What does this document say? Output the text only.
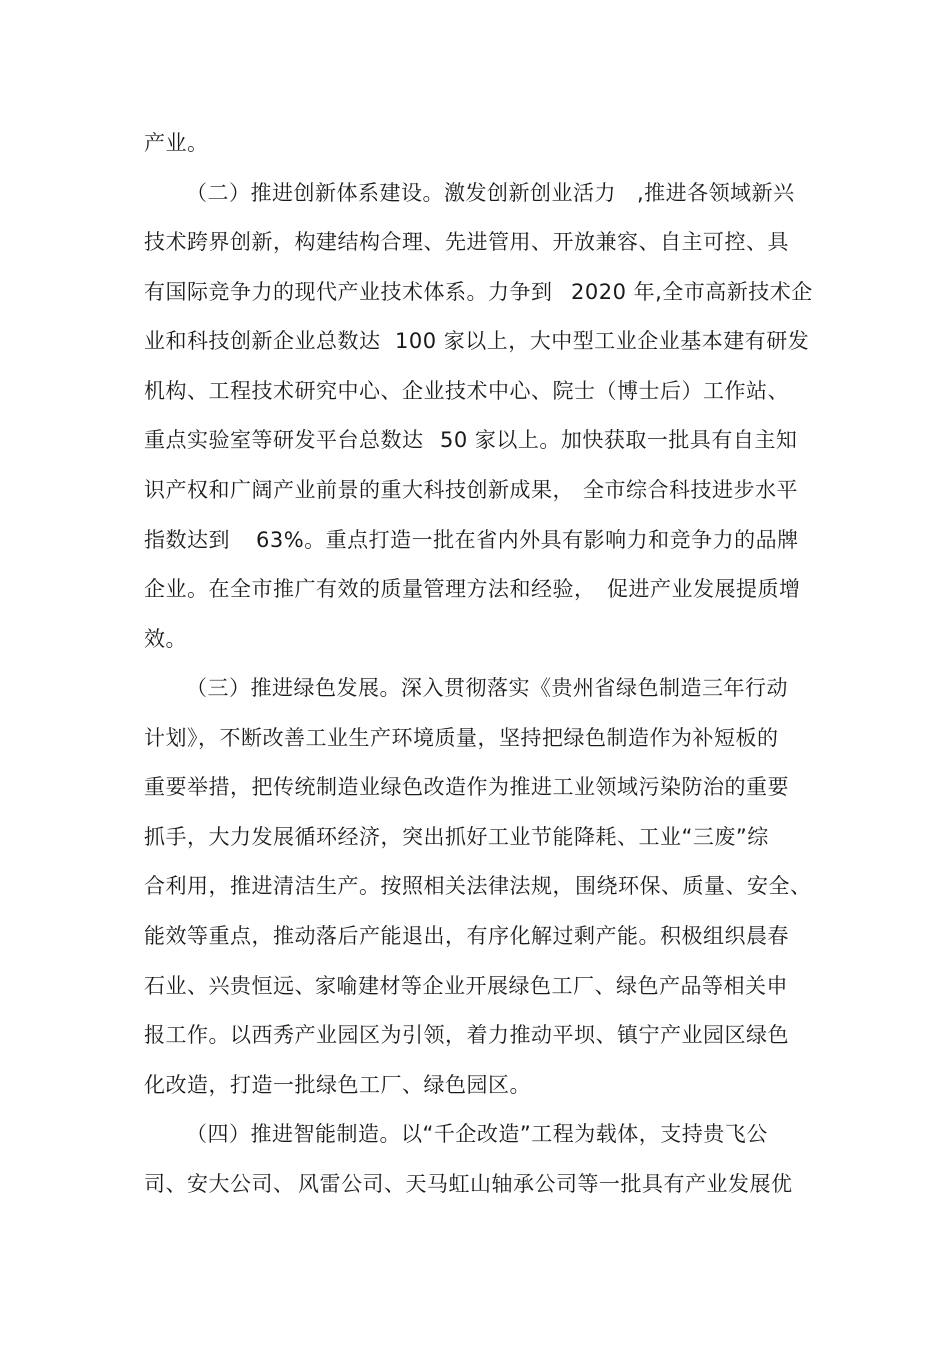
产业。
（二）推进创新体系建设。激发创新创业活力 ,推进各领域新兴
技术跨界创新，构建结构合理、先进管用、开放兼容、自主可控、具
有国际竞争力的现代产业技术体系。力争到 2020 年,全市高新技术企
业和科技创新企业总数达 100 家以上，大中型工业企业基本建有研发
机构、工程技术研究中心、企业技术中心、院士（博士后）工作站、
重点实验室等研发平台总数达 50 家以上。加快获取一批具有自主知
识产权和广阔产业前景的重大科技创新成果， 全市综合科技进步水平
指数达到 63%。重点打造一批在省内外具有影响力和竞争力的品牌
企业。在全市推广有效的质量管理方法和经验， 促进产业发展提质增
效。
（三）推进绿色发展。深入贯彻落实《贵州省绿色制造三年行动
计划》，不断改善工业生产环境质量，坚持把绿色制造作为补短板的
重要举措，把传统制造业绿色改造作为推进工业领域污染防治的重要
抓手，大力发展循环经济，突出抓好工业节能降耗、工业“三废”综
合利用，推进清洁生产。按照相关法律法规， 围绕环保、质量、安全、
能效等重点，推动落后产能退出，有序化解过剩产能。积极组织晨春
石业、兴贵恒远、 家喻建材等企业开展绿色工厂、绿色产品等相关申
报工作。以西秀产业园区为引领，着力推动平坝、镇宁产业园区绿色
化改造，打造一批绿色工厂、绿色园区。
（四）推进智能制造。以“千企改造”工程为载体，支持贵飞公
司、安大公司、 风雷公司、天马虹山轴承公司等一批具有产业发展优
